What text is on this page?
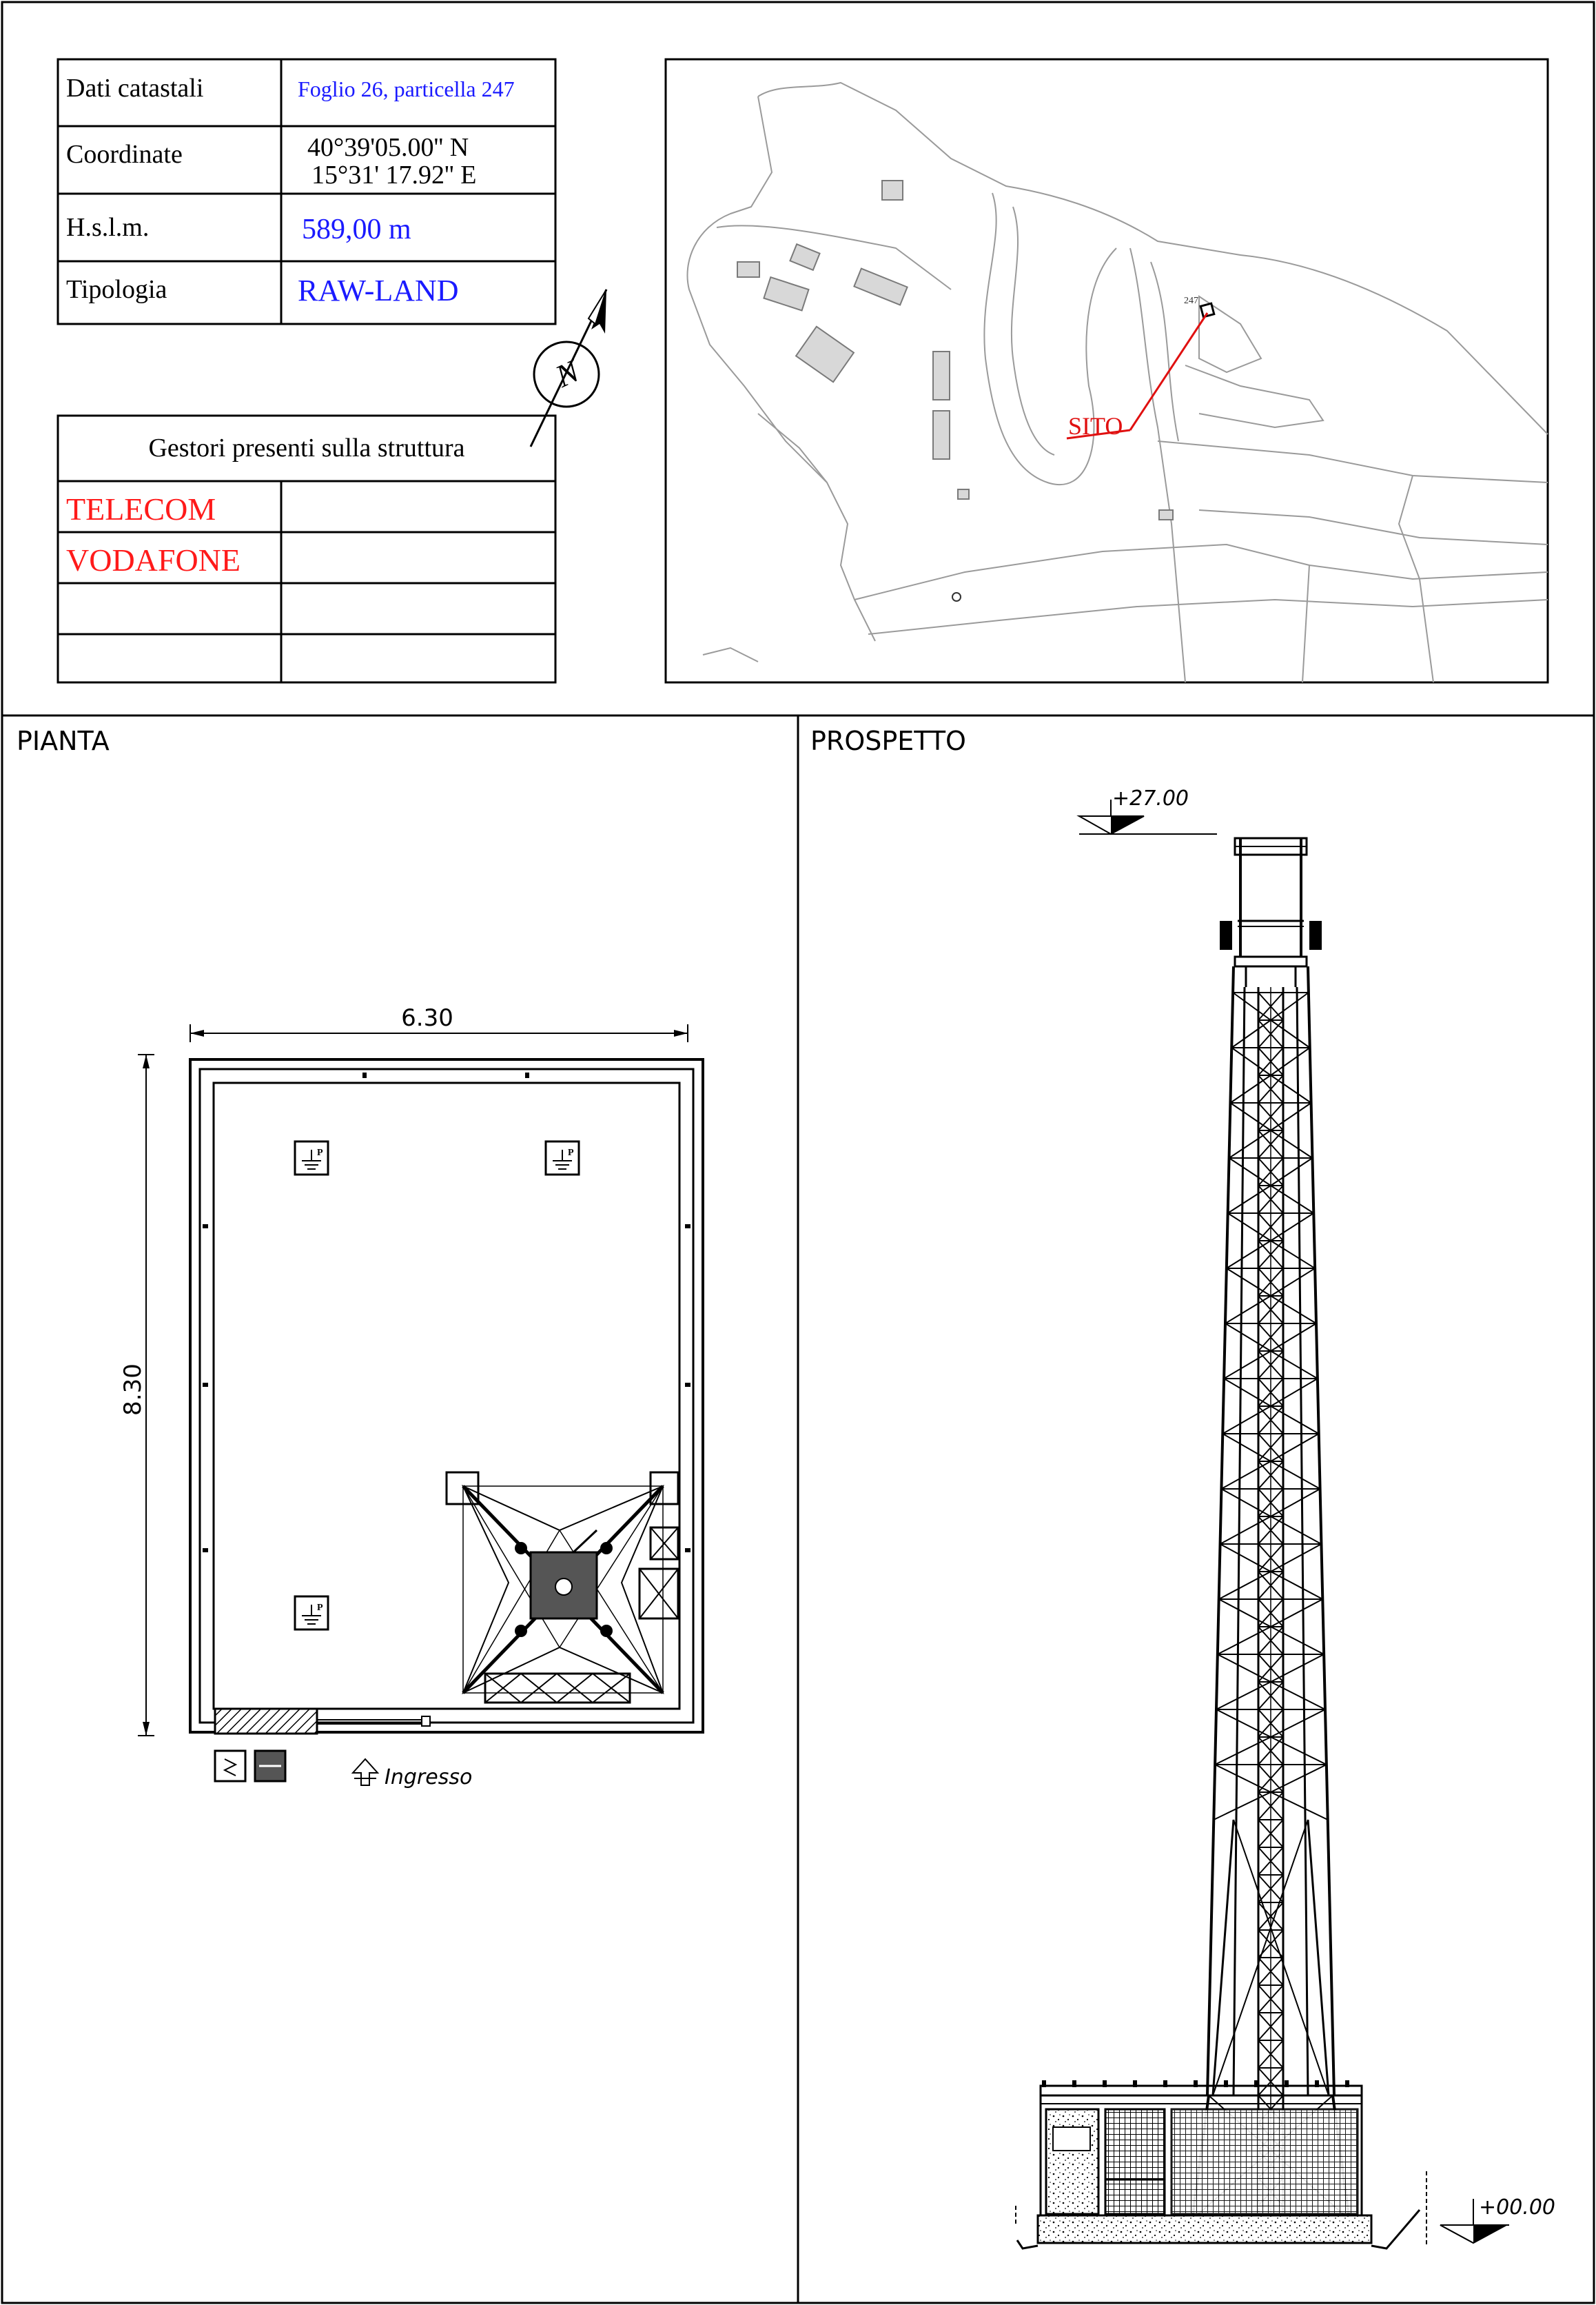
Dati catastali	Foglio 26, particella 247
Coordinate	40°39'05.00'' N
15°31' 17.92'' E
H.s.l.m.	589,00 m
Tipologia	RAW-LAND
N
Gestori presenti sulla struttura
TELECOM
VODAFONE
247
SITO
PIANTA
6.30
8.30
P	P
P
Ingresso
PROSPETTO
+27.00
+00.00
